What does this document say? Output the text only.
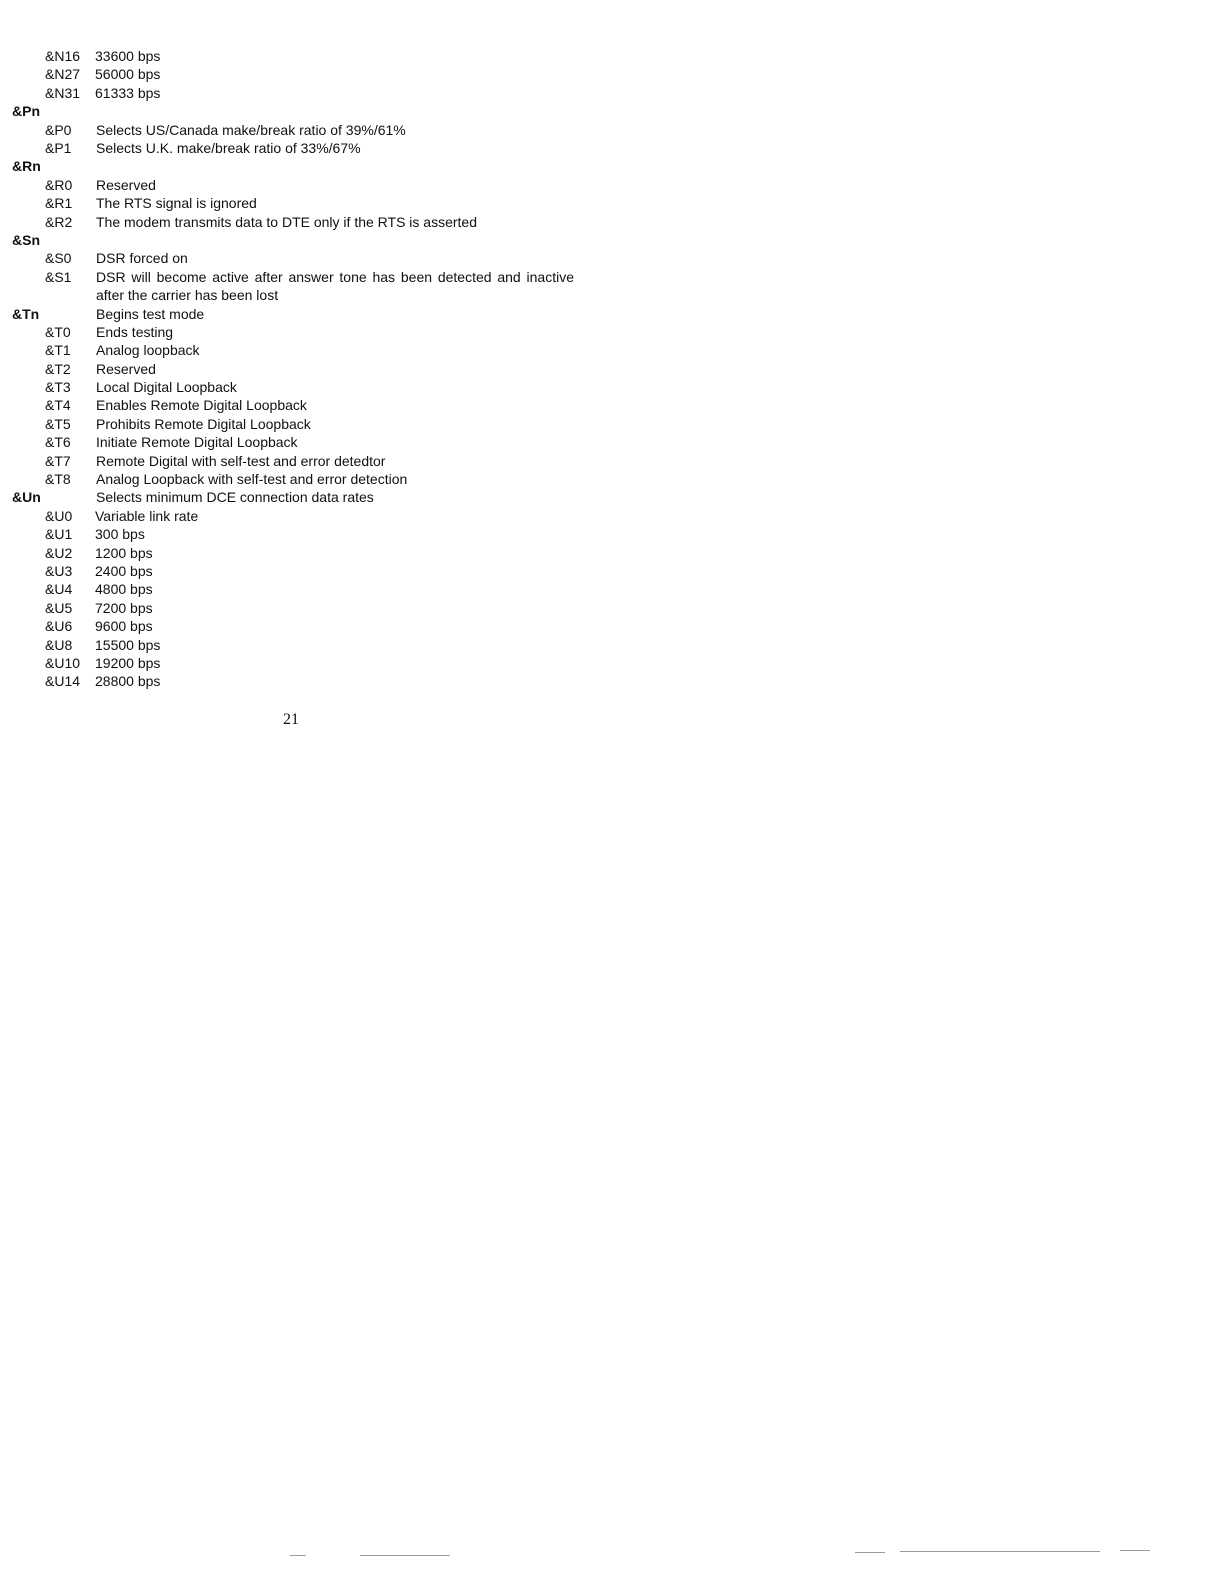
&N16 33600 bps
&N27 56000 bps
&N31 61333 bps
&Pn
&P0 Selects US/Canada make/break ratio of 39%/61%
&P1 Selects U.K. make/break ratio of 33%/67%
&Rn
&R0 Reserved
&R1 The RTS signal is ignored
&R2 The modem transmits data to DTE only if the RTS is asserted
&Sn
&S0 DSR forced on
&S1 DSR will become active after answer tone has been detected and inactive after the carrier has been lost
&Tn	Begins test mode
&T0 Ends testing
&T1 Analog loopback
&T2 Reserved
&T3 Local Digital Loopback
&T4 Enables Remote Digital Loopback
&T5 Prohibits Remote Digital Loopback
&T6 Initiate Remote Digital Loopback
&T7 Remote Digital with self-test and error detedtor
&T8 Analog Loopback with self-test and error detection
&Un	Selects minimum DCE connection data rates
&U0 Variable link rate
&U1 300 bps
&U2 1200 bps
&U3 2400 bps
&U4 4800 bps
&U5 7200 bps
&U6 9600 bps
&U8 15500 bps
&U10 19200 bps
&U14 28800 bps
21
